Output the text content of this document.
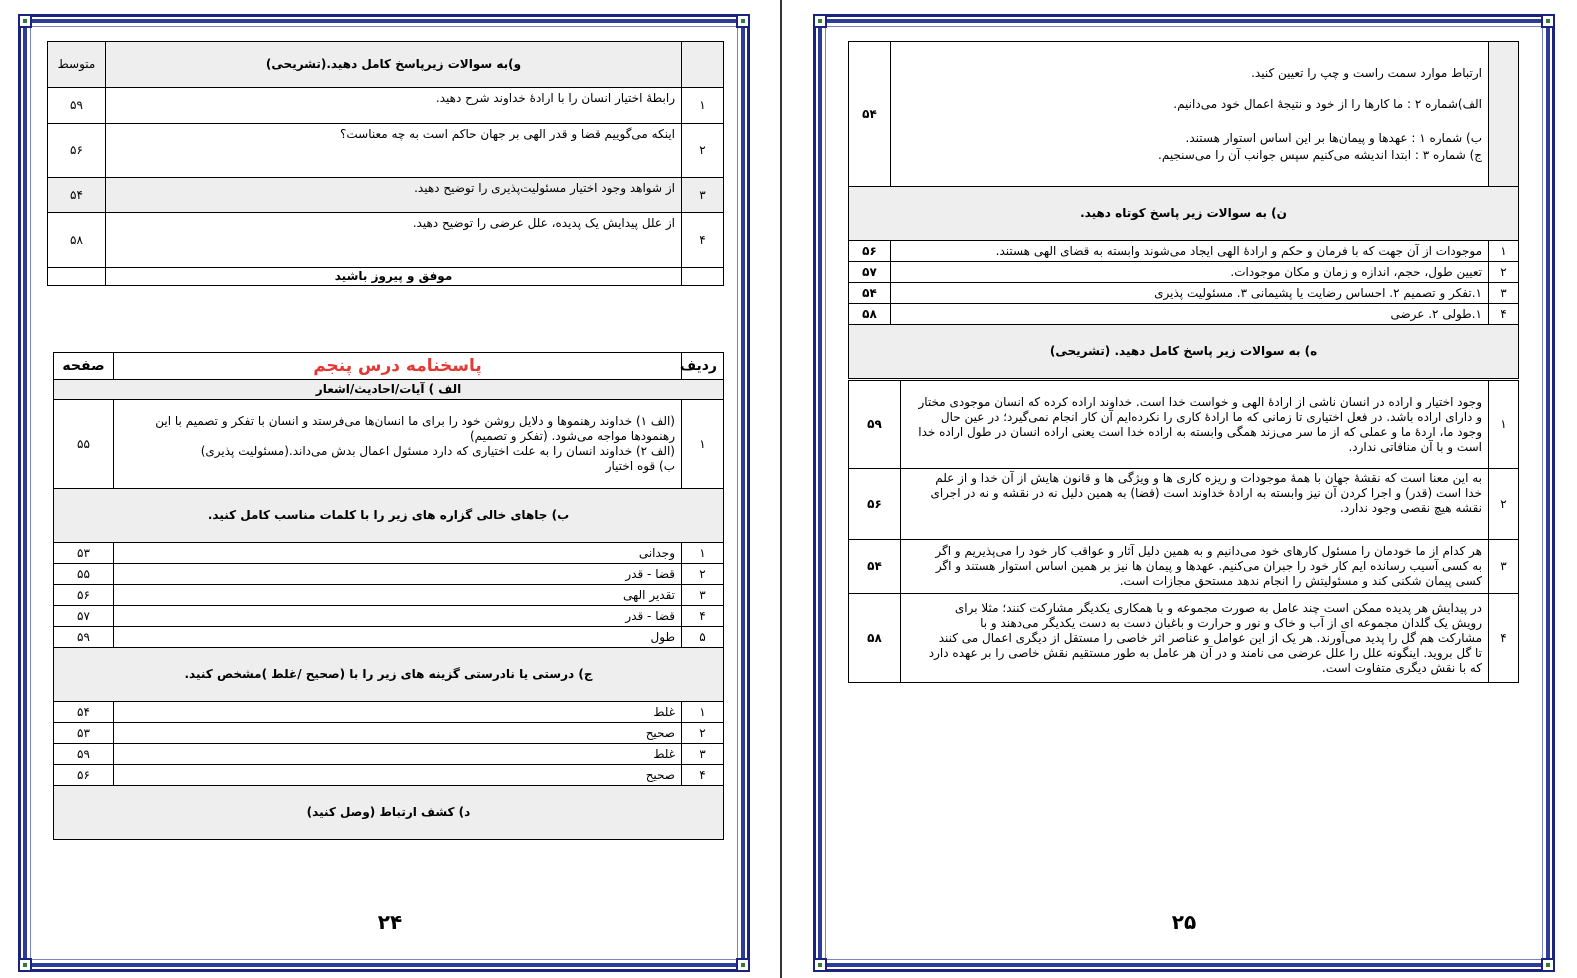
	و)به سوالات زیرپاسخ کامل دهید.(تشریحی)	متوسط
۱	رابطهٔ اختیار انسان را با ارادهٔ خداوند شرح دهید.	۵۹
۲	اینکه می‌گوییم قضا و قدر الهی بر جهان حاکم است به چه معناست؟	۵۶
۳	از شواهد وجود اختیار مسئولیت‌پذیری را توضیح دهید.	۵۴
۴	از علل پیدایش یک پدیده، علل عرضی را توضیح دهید.	۵۸
	موفق و پیروز باشید	
ردیف	پاسخنامه درس پنجم	صفحه
الف ) آیات/احادیث/اشعار		
۱	(الف ۱) خداوند رهنموها و دلایل روشن خود را برای ما انسان‌ها می‌فرستد و انسان با تفکر و تصمیم با این
رهنمودها مواجه می‌شود. (تفکر و تصمیم)
(الف ۲) خداوند انسان را به علت اختیاری که دارد مسئول اعمال بدش می‌داند.(مسئولیت پذیری)
ب) قوه اختیار	۵۵
ب) جاهای خالی گزاره های زیر را با کلمات مناسب کامل کنید.		
۱	وجدانی	۵۳
۲	قضا - قدر	۵۵
۳	تقدیر الهی	۵۶
۴	قضا - قدر	۵۷
۵	طول	۵۹
ج) درستی یا نادرستی گزینه های زیر را با (صحیح /غلط )مشخص کنید.		
۱	غلط	۵۴
۲	صحیح	۵۳
۳	غلط	۵۹
۴	صحیح	۵۶
د) کشف ارتباط (وصل کنید)		
۲۴

	ارتباط موارد سمت راست و چپ را تعیین کنید.
الف)شماره ۲ : ما کارها را از خود و نتیجهٔ اعمال خود می‌دانیم.
ب) شماره ۱ : عهدها و پیمان‌ها بر این اساس استوار هستند.
ج) شماره ۳ : ابتدا اندیشه می‌کنیم سپس جوانب آن را می‌سنجیم.	۵۴
ن) به سوالات زیر پاسخ کوتاه دهید.		
۱	موجودات از آن جهت که با فرمان و حکم و ارادهٔ الهی ایجاد می‌شوند وابسته به قضای الهی هستند.	۵۶
۲	تعیین طول، حجم، اندازه و زمان و مکان موجودات.	۵۷
۳	۱.تفکر و تصمیم ۲. احساس رضایت یا پشیمانی ۳. مسئولیت پذیری	۵۴
۴	۱.طولی ۲. عرضی	۵۸
ه) به سوالات زیر پاسخ کامل دهید. (تشریحی)		
۱	وجود اختیار و اراده در انسان ناشی از ارادهٔ الهی و خواست خدا است. خداوند اراده کرده که انسان موجودی مختار
و دارای اراده باشد. در فعل اختیاری تا زمانی که ما ارادهٔ کاری را نکرده‌ایم آن کار انجام نمی‌گیرد؛ در عین حال
وجود ما، اردهٔ ما و عملی که از ما سر می‌زند همگی وابسته به اراده خدا است یعنی اراده انسان در طول اراده خدا
است و با آن منافاتی ندارد.	۵۹
۲	به این معنا است که نقشهٔ جهان با همهٔ موجودات و ریزه کاری ها و ویژگی ها و قانون هایش از آن خدا و از علم
خدا است (قدر) و اجرا کردن آن نیز وابسته به ارادهٔ خداوند است (قضا) به همین دلیل نه در نقشه و نه در اجرای
نقشه هیچ نقصی وجود ندارد.	۵۶
۳	هر کدام از ما خودمان را مسئول کارهای خود می‌دانیم و به همین دلیل آثار و عواقب کار خود را می‌پذیریم و اگر
به کسی آسیب رسانده ایم کار خود را جبران می‌کنیم. عهدها و پیمان ها نیز بر همین اساس استوار هستند و اگر
کسی پیمان شکنی کند و مسئولیتش را انجام ندهد مستحق مجازات است.	۵۴
۴	در پیدایش هر پدیده ممکن است چند عامل به صورت مجموعه و با همکاری یکدیگر مشارکت کنند؛ مثلا برای
رویش یک گلدان مجموعه ای از آب و خاک و نور و حرارت و باغبان دست به دست یکدیگر می‌دهند و با
مشارکت هم گل را پدید می‌آورند. هر یک از این عوامل و عناصر اثر خاصی را مستقل از دیگری اعمال می کنند
تا گل بروید. اینگونه علل را علل عرضی می نامند و در آن هر عامل به طور مستقیم نقش خاصی را بر عهده دارد
که با نقش دیگری متفاوت است.	۵۸
۲۵
